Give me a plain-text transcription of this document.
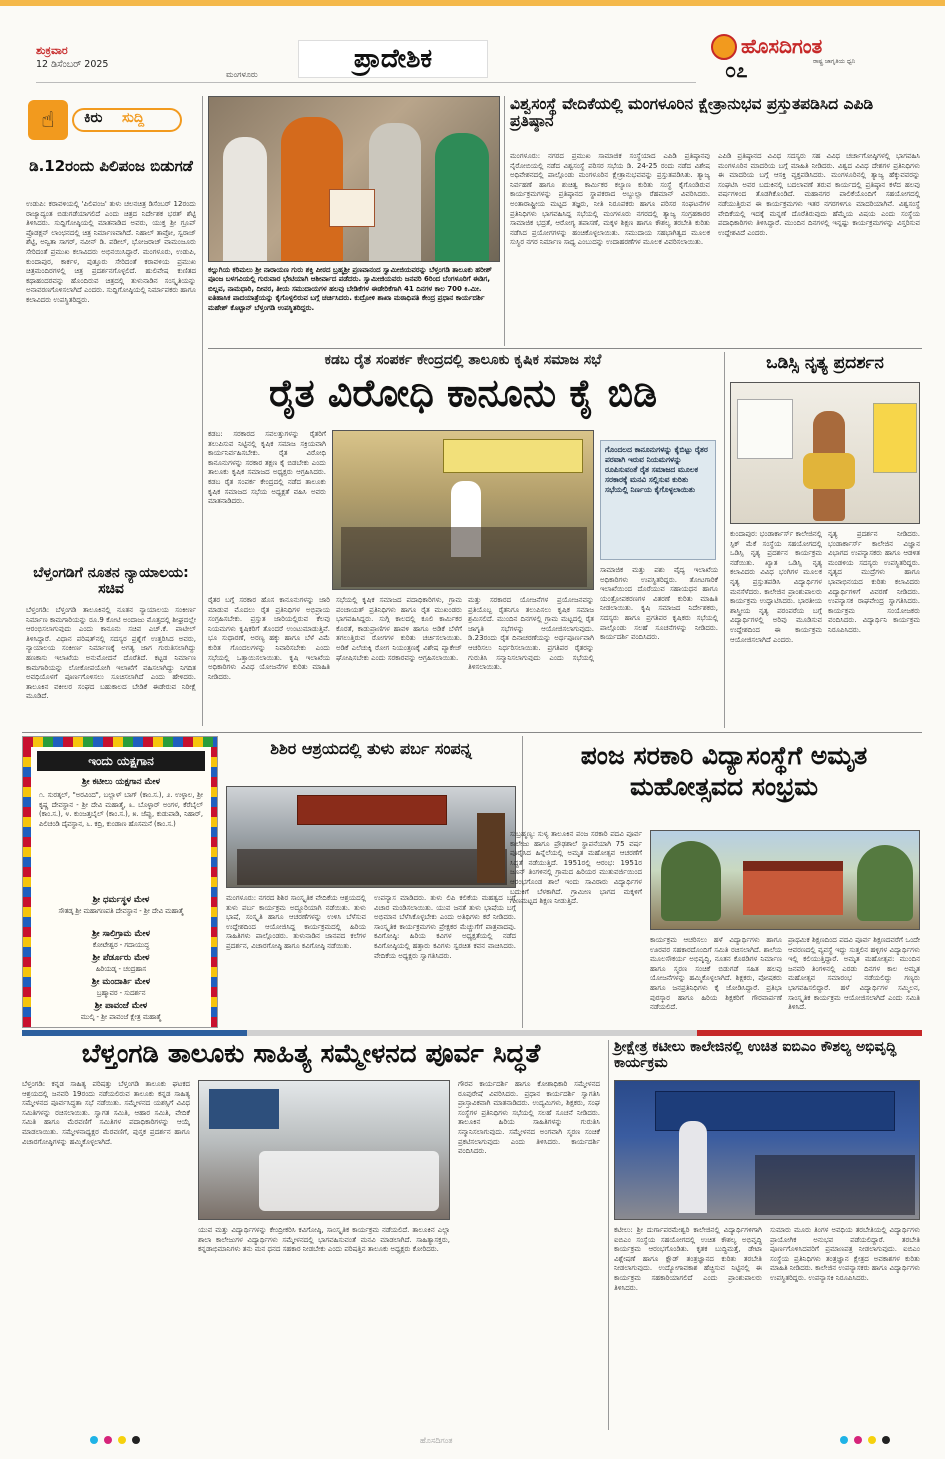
ಶುಕ್ರವಾರ
12 ಡಿಸೆಂಬರ್ 2025
ಮಂಗಳೂರು
ಪ್ರಾದೇಶಿಕ	ಹೊಸದಿಗಂತ
ರಾಷ್ಟ್ರ ಜಾಗೃತಿಯ ಧ್ವನಿ
೦೭
☝	ಕಿರು ಸುದ್ದಿ
ಡಿ.12ರಂದು ಪಿಲಿಪಂಜ ಬಿಡುಗಡೆ
ಉಡುಪಿ: ಕರಾವಳಿಯಲ್ಲಿ 'ಪಿಲಿಪಂಜ' ತುಳು ಚಲನಚಿತ್ರ ಡಿಸೆಂಬರ್ 12ರಂದು ರಾಜ್ಯಾದ್ಯಂತ ಬಿಡುಗಡೆಯಾಗಲಿದೆ ಎಂದು ಚಿತ್ರದ ನಿರ್ದೇಶಕ ಭರತ್ ಶೆಟ್ಟಿ ತಿಳಿಸಿದರು. ಸುದ್ದಿಗೋಷ್ಠಿಯಲ್ಲಿ ಮಾತನಾಡಿದ ಅವರು, ಯುಕ್ತ ಶ್ರೀ ಗ್ರೂಪ್ ಪ್ರೊಡಕ್ಷನ್ ಲಾಂಛನದಲ್ಲಿ ಚಿತ್ರ ನಿರ್ಮಾಣವಾಗಿದೆ. ನಿಹಾಲ್ ತಾವ್ರೋ, ಸ್ವರಾಜ್ ಶೆಟ್ಟಿ, ಅನ್ವಿತಾ ಸಾಗರ್, ನವೀನ್ ಡಿ. ಪಡೀಲ್, ಭೋಜರಾಜ್ ವಾಮಂಜೂರು ಸೇರಿದಂತೆ ಪ್ರಮುಖ ಕಲಾವಿದರು ಅಭಿನಯಿಸಿದ್ದಾರೆ. ಮಂಗಳೂರು, ಉಡುಪಿ, ಕುಂದಾಪುರ, ಕಾರ್ಕಳ, ಪುತ್ತೂರು ಸೇರಿದಂತೆ ಕರಾವಳಿಯ ಪ್ರಮುಖ ಚಿತ್ರಮಂದಿರಗಳಲ್ಲಿ ಚಿತ್ರ ಪ್ರದರ್ಶನಗೊಳ್ಳಲಿದೆ. ಹುಲಿವೇಷ ಕುಣಿತದ ಕಥಾಹಂದರವನ್ನು ಹೊಂದಿರುವ ಚಿತ್ರದಲ್ಲಿ ತುಳುನಾಡಿನ ಸಂಸ್ಕೃತಿಯನ್ನು ಅನಾವರಣಗೊಳಿಸಲಾಗಿದೆ ಎಂದರು. ಸುದ್ದಿಗೋಷ್ಠಿಯಲ್ಲಿ ನಿರ್ಮಾಪಕರು ಹಾಗೂ ಕಲಾವಿದರು ಉಪಸ್ಥಿತರಿದ್ದರು.
ಬೆಳ್ತಂಗಡಿಗೆ ನೂತನ ನ್ಯಾಯಾಲಯ: ಸಚಿವ
ಬೆಳ್ತಂಗಡಿ: ಬೆಳ್ತಂಗಡಿ ತಾಲೂಕಿನಲ್ಲಿ ನೂತನ ನ್ಯಾಯಾಲಯ ಸಂಕೀರ್ಣ ನಿರ್ಮಾಣ ಕಾಮಗಾರಿಯನ್ನು ರೂ.9 ಕೋಟಿ ಅಂದಾಜು ಮೊತ್ತದಲ್ಲಿ ಶೀಘ್ರದಲ್ಲೇ ಆರಂಭಿಸಲಾಗುವುದು ಎಂದು ಕಾನೂನು ಸಚಿವ ಎಚ್.ಕೆ. ಪಾಟೀಲ್ ತಿಳಿಸಿದ್ದಾರೆ. ವಿಧಾನ ಪರಿಷತ್‌ನಲ್ಲಿ ಸದಸ್ಯರ ಪ್ರಶ್ನೆಗೆ ಉತ್ತರಿಸಿದ ಅವರು, ನ್ಯಾಯಾಲಯ ಸಂಕೀರ್ಣ ನಿರ್ಮಾಣಕ್ಕೆ ಅಗತ್ಯ ಜಾಗ ಗುರುತಿಸಲಾಗಿದ್ದು ಹಣಕಾಸು ಇಲಾಖೆಯ ಅನುಮೋದನೆ ದೊರೆತಿದೆ. ಕಟ್ಟಡ ನಿರ್ಮಾಣ ಕಾಮಗಾರಿಯನ್ನು ಲೋಕೋಪಯೋಗಿ ಇಲಾಖೆಗೆ ವಹಿಸಲಾಗಿದ್ದು ನಿಗದಿತ ಅವಧಿಯೊಳಗೆ ಪೂರ್ಣಗೊಳಿಸಲು ಸೂಚಿಸಲಾಗಿದೆ ಎಂದು ಹೇಳಿದರು. ತಾಲೂಕಿನ ವಕೀಲರ ಸಂಘದ ಬಹುಕಾಲದ ಬೇಡಿಕೆ ಈಡೇರುವ ನಿರೀಕ್ಷೆ ಮೂಡಿದೆ.
ಕಲ್ಲುಗಿಯ ಕರಿಮಲು ಶ್ರೀ ನಾರಾಯಣ ಗುರು ಶಕ್ತಿ ಪೀಠದ ಬ್ರಹ್ಮಶ್ರೀ ಪ್ರಣವಾನಂದ ಸ್ವಾಮೀಜಿಯವರನ್ನು ಬೆಳ್ತಂಗಡಿ ತಾಲೂಕು ಹರೀಶ್ ಪೂಂಜ ಬಳಗವಿಯಲ್ಲಿ ಗುರುವಾರ ಭೇಟಿಯಾಗಿ ಆಶೀರ್ವಾದ ಪಡೆದರು. ಸ್ವಾಮೀಜಿಯವರು ಜನವರಿ 6ರಿಂದ ಬೆಂಗಳೂರಿಗೆ ಈಡಿಗ, ಬಿಲ್ಲವ, ನಾಮಧಾರಿ, ದೀವರ, ತೀಯ ಸಮುದಾಯಗಳ ಹಲವು ಬೇಡಿಕೆಗಳ ಈಡೇರಿಕೆಗಾಗಿ 41 ದಿನಗಳ ಕಾಲ 700 ಕಿ.ಮೀ. ಐತಿಹಾಸಿಕ ಪಾದಯಾತ್ರೆಯನ್ನು ಕೈಗೊಳ್ಳಲಿರುವ ಬಗ್ಗೆ ಚರ್ಚಿಸಿದರು. ಕುದ್ರೋಳಿ ಶಾಖಾ ಮಠಾಧಿಪತಿ ಕೇಂದ್ರ ಪ್ರಧಾನ ಕಾರ್ಯದರ್ಶಿ ಮಹೇಶ್ ಕೊಟ್ಟಾನ್ ಬೆಳ್ತಂಗಡಿ ಉಪಸ್ಥಿತರಿದ್ದರು.
ವಿಶ್ವಸಂಸ್ಥೆ ವೇದಿಕೆಯಲ್ಲಿ ಮಂಗಳೂರಿನ ಕ್ಷೇತ್ರಾನುಭವ ಪ್ರಸ್ತುತಪಡಿಸಿದ ಎಪಿಡಿ ಪ್ರತಿಷ್ಠಾನ
ಮಂಗಳೂರು: ನಗರದ ಪ್ರಮುಖ ಸಾಮಾಜಿಕ ಸಂಸ್ಥೆಯಾದ ಎಪಿಡಿ ಪ್ರತಿಷ್ಠಾನವು ನೈರೋಬಿಯಲ್ಲಿ ನಡೆದ ವಿಶ್ವಸಂಸ್ಥೆ ಪರಿಸರ ಸಭೆಯ ಡಿ. 24-25 ರಂದು ನಡೆದ ವಿಶೇಷ ಅಧಿವೇಶನದಲ್ಲಿ ಪಾಲ್ಗೊಂಡು ಮಂಗಳೂರಿನ ಕ್ಷೇತ್ರಾನುಭವವನ್ನು ಪ್ರಸ್ತುತಪಡಿಸಿತು. ತ್ಯಾಜ್ಯ ನಿರ್ವಹಣೆ ಹಾಗೂ ಶುಚಿತ್ವ ಕಾರ್ಮಿಕರ ಕಲ್ಯಾಣ ಕುರಿತು ಸಂಸ್ಥೆ ಕೈಗೊಂಡಿರುವ ಕಾರ್ಯಕ್ರಮಗಳನ್ನು ಪ್ರತಿಷ್ಠಾನದ ಸ್ಥಾಪಕರಾದ ಅಬ್ದುಲ್ಲಾ ರೆಹಮಾನ್ ವಿವರಿಸಿದರು. ಅಂತಾರಾಷ್ಟ್ರೀಯ ಮಟ್ಟದ ತಜ್ಞರು, ನೀತಿ ನಿರೂಪಕರು ಹಾಗೂ ಪರಿಸರ ಸಂಘಟನೆಗಳ ಪ್ರತಿನಿಧಿಗಳು ಭಾಗವಹಿಸಿದ್ದ ಸಭೆಯಲ್ಲಿ ಮಂಗಳೂರು ನಗರದಲ್ಲಿ ತ್ಯಾಜ್ಯ ಸಂಗ್ರಹಕಾರರ ಸಾಮಾಜಿಕ ಭದ್ರತೆ, ಆರೋಗ್ಯ ತಪಾಸಣೆ, ಮಕ್ಕಳ ಶಿಕ್ಷಣ ಹಾಗೂ ಕೌಶಲ್ಯ ತರಬೇತಿ ಕುರಿತು ನಡೆಸಿದ ಪ್ರಯೋಗಗಳನ್ನು ಹಂಚಿಕೊಳ್ಳಲಾಯಿತು. ಸಮುದಾಯ ಸಹಭಾಗಿತ್ವದ ಮೂಲಕ ಸುಸ್ಥಿರ ನಗರ ನಿರ್ಮಾಣ ಸಾಧ್ಯ ಎಂಬುದನ್ನು ಉದಾಹರಣೆಗಳ ಮೂಲಕ ವಿವರಿಸಲಾಯಿತು.
ಎಪಿಡಿ ಪ್ರತಿಷ್ಠಾನದ ವಿವಿಧ ಸದಸ್ಯರು ಸಹ ವಿವಿಧ ಚರ್ಚಾಗೋಷ್ಠಿಗಳಲ್ಲಿ ಭಾಗವಹಿಸಿ ಮಂಗಳೂರಿನ ಮಾದರಿಯ ಬಗ್ಗೆ ಮಾಹಿತಿ ನೀಡಿದರು. ವಿಶ್ವದ ವಿವಿಧ ದೇಶಗಳ ಪ್ರತಿನಿಧಿಗಳು ಈ ಮಾದರಿಯ ಬಗ್ಗೆ ಆಸಕ್ತಿ ವ್ಯಕ್ತಪಡಿಸಿದರು. ಮಂಗಳೂರಿನಲ್ಲಿ ತ್ಯಾಜ್ಯ ಹೆಕ್ಕುವವರನ್ನು ಸಂಘಟಿಸಿ ಅವರ ಬದುಕಿನಲ್ಲಿ ಬದಲಾವಣೆ ತರುವ ಕಾರ್ಯದಲ್ಲಿ ಪ್ರತಿಷ್ಠಾನ ಕಳೆದ ಹಲವು ವರ್ಷಗಳಿಂದ ತೊಡಗಿಕೊಂಡಿದೆ. ಮಹಾನಗರ ಪಾಲಿಕೆಯೊಂದಿಗೆ ಸಹಯೋಗದಲ್ಲಿ ನಡೆಯುತ್ತಿರುವ ಈ ಕಾರ್ಯಕ್ರಮಗಳು ಇತರ ನಗರಗಳಿಗೂ ಮಾದರಿಯಾಗಿವೆ. ವಿಶ್ವಸಂಸ್ಥೆ ವೇದಿಕೆಯಲ್ಲಿ ಇದಕ್ಕೆ ಮನ್ನಣೆ ದೊರೆತಿರುವುದು ಹೆಮ್ಮೆಯ ವಿಷಯ ಎಂದು ಸಂಸ್ಥೆಯ ಪದಾಧಿಕಾರಿಗಳು ತಿಳಿಸಿದ್ದಾರೆ. ಮುಂದಿನ ದಿನಗಳಲ್ಲಿ ಇನ್ನಷ್ಟು ಕಾರ್ಯಕ್ರಮಗಳನ್ನು ವಿಸ್ತರಿಸುವ ಉದ್ದೇಶವಿದೆ ಎಂದರು.
ಕಡಬ ರೈತ ಸಂಪರ್ಕ ಕೇಂದ್ರದಲ್ಲಿ ತಾಲೂಕು ಕೃಷಿಕ ಸಮಾಜ ಸಭೆ
ರೈತ ವಿರೋಧಿ ಕಾನೂನು ಕೈ ಬಿಡಿ
ಕಡಬ: ಸರಕಾರದ ಸವಲತ್ತುಗಳನ್ನು ರೈತರಿಗೆ ತಲುಪಿಸುವ ನಿಟ್ಟಿನಲ್ಲಿ ಕೃಷಿಕ ಸಮಾಜ ಸಕ್ರಿಯವಾಗಿ ಕಾರ್ಯನಿರ್ವಹಿಸಬೇಕು. ರೈತ ವಿರೋಧಿ ಕಾನೂನುಗಳನ್ನು ಸರಕಾರ ತಕ್ಷಣ ಕೈ ಬಿಡಬೇಕು ಎಂದು ತಾಲೂಕು ಕೃಷಿಕ ಸಮಾಜದ ಅಧ್ಯಕ್ಷರು ಆಗ್ರಹಿಸಿದರು. ಕಡಬ ರೈತ ಸಂಪರ್ಕ ಕೇಂದ್ರದಲ್ಲಿ ನಡೆದ ತಾಲೂಕು ಕೃಷಿಕ ಸಮಾಜದ ಸಭೆಯ ಅಧ್ಯಕ್ಷತೆ ವಹಿಸಿ ಅವರು ಮಾತನಾಡಿದರು.
ಗೊಂದಲದ ಕಾನೂನುಗಳನ್ನು ಕೈಬಿಟ್ಟು ರೈತರ ಪರವಾಗಿ ಇರುವ ನಿಯಮಗಳನ್ನು ರೂಪಿಸುವಂತೆ ರೈತ ಸಮಾಜದ ಮೂಲಕ ಸರಕಾರಕ್ಕೆ ಮನವಿ ಸಲ್ಲಿಸುವ ಕುರಿತು ಸಭೆಯಲ್ಲಿ ನಿರ್ಣಯ ಕೈಗೊಳ್ಳಲಾಯಿತು
ರೈತರ ಬಗ್ಗೆ ಸರಕಾರ ಹೊಸ ಕಾನೂನುಗಳನ್ನು ಜಾರಿ ಮಾಡುವ ಮೊದಲು ರೈತ ಪ್ರತಿನಿಧಿಗಳ ಅಭಿಪ್ರಾಯ ಸಂಗ್ರಹಿಸಬೇಕು. ಪ್ರಸ್ತುತ ಜಾರಿಯಲ್ಲಿರುವ ಕೆಲವು ನಿಯಮಗಳು ಕೃಷಿಕರಿಗೆ ತೊಂದರೆ ಉಂಟುಮಾಡುತ್ತಿವೆ. ಭೂ ಸುಧಾರಣೆ, ಅರಣ್ಯ ಹಕ್ಕು ಹಾಗೂ ಬೆಳೆ ವಿಮೆ ಕುರಿತ ಗೊಂದಲಗಳನ್ನು ನಿವಾರಿಸಬೇಕು ಎಂದು ಸಭೆಯಲ್ಲಿ ಒತ್ತಾಯಿಸಲಾಯಿತು. ಕೃಷಿ ಇಲಾಖೆಯ ಅಧಿಕಾರಿಗಳು ವಿವಿಧ ಯೋಜನೆಗಳ ಕುರಿತು ಮಾಹಿತಿ ನೀಡಿದರು.
ಸಭೆಯಲ್ಲಿ ಕೃಷಿಕ ಸಮಾಜದ ಪದಾಧಿಕಾರಿಗಳು, ಗ್ರಾಮ ಪಂಚಾಯತ್ ಪ್ರತಿನಿಧಿಗಳು ಹಾಗೂ ರೈತ ಮುಖಂಡರು ಭಾಗವಹಿಸಿದ್ದರು. ಸುಗ್ಗಿ ಕಾಲದಲ್ಲಿ ಕೂಲಿ ಕಾರ್ಮಿಕರ ಕೊರತೆ, ಕಾಡುಪ್ರಾಣಿಗಳ ಹಾವಳಿ ಹಾಗೂ ಅಡಿಕೆ ಬೆಳೆಗೆ ತಗಲುತ್ತಿರುವ ರೋಗಗಳ ಕುರಿತು ಚರ್ಚಿಸಲಾಯಿತು. ಅಡಿಕೆ ಎಲೆಚುಕ್ಕಿ ರೋಗ ನಿಯಂತ್ರಣಕ್ಕೆ ವಿಶೇಷ ಪ್ಯಾಕೇಜ್ ಘೋಷಿಸಬೇಕು ಎಂದು ಸರಕಾರವನ್ನು ಆಗ್ರಹಿಸಲಾಯಿತು.
ಮತ್ತು ಸರಕಾರದ ಯೋಜನೆಗಳ ಪ್ರಯೋಜನವನ್ನು ಪ್ರತಿಯೊಬ್ಬ ರೈತನಿಗೂ ತಲುಪಿಸಲು ಕೃಷಿಕ ಸಮಾಜ ಶ್ರಮಿಸಲಿದೆ. ಮುಂದಿನ ದಿನಗಳಲ್ಲಿ ಗ್ರಾಮ ಮಟ್ಟದಲ್ಲಿ ರೈತ ಜಾಗೃತಿ ಸಭೆಗಳನ್ನು ಆಯೋಜಿಸಲಾಗುವುದು. ಡಿ.23ರಂದು ರೈತ ದಿನಾಚರಣೆಯನ್ನು ಅರ್ಥಪೂರ್ಣವಾಗಿ ಆಚರಿಸಲು ನಿರ್ಧರಿಸಲಾಯಿತು. ಪ್ರಗತಿಪರ ರೈತರನ್ನು ಗುರುತಿಸಿ ಸನ್ಮಾನಿಸಲಾಗುವುದು ಎಂದು ಸಭೆಯಲ್ಲಿ ತಿಳಿಸಲಾಯಿತು.
ಸಾಮಾಜಿಕ ಮತ್ತು ಪಶು ವೈದ್ಯ ಇಲಾಖೆಯ ಅಧಿಕಾರಿಗಳು ಉಪಸ್ಥಿತರಿದ್ದರು. ತೋಟಗಾರಿಕೆ ಇಲಾಖೆಯಿಂದ ದೊರೆಯುವ ಸಹಾಯಧನ ಹಾಗೂ ಯಂತ್ರೋಪಕರಣಗಳ ವಿತರಣೆ ಕುರಿತು ಮಾಹಿತಿ ನೀಡಲಾಯಿತು. ಕೃಷಿ ಸಮಾಜದ ನಿರ್ದೇಶಕರು, ಸದಸ್ಯರು ಹಾಗೂ ಪ್ರಗತಿಪರ ಕೃಷಿಕರು ಸಭೆಯಲ್ಲಿ ಪಾಲ್ಗೊಂಡು ಸಲಹೆ ಸೂಚನೆಗಳನ್ನು ನೀಡಿದರು. ಕಾರ್ಯದರ್ಶಿ ವಂದಿಸಿದರು.
ಒಡಿಸ್ಸಿ ನೃತ್ಯ ಪ್ರದರ್ಶನ
ಕುಂದಾಪುರ: ಭಂಡಾರ್ಕಾರ್ಸ್ ಕಾಲೇಜಿನಲ್ಲಿ ಸ್ಪಿಕ್ ಮೆಕೆ ಸಂಸ್ಥೆಯ ಸಹಯೋಗದಲ್ಲಿ ಒಡಿಸ್ಸಿ ನೃತ್ಯ ಪ್ರದರ್ಶನ ಕಾರ್ಯಕ್ರಮ ನಡೆಯಿತು. ಖ್ಯಾತ ಒಡಿಸ್ಸಿ ನೃತ್ಯ ಕಲಾವಿದರು ವಿವಿಧ ಭಂಗಿಗಳ ಮೂಲಕ ನೃತ್ಯ ಪ್ರಸ್ತುತಪಡಿಸಿ ವಿದ್ಯಾರ್ಥಿಗಳ ಮನಸೆಳೆದರು. ಕಾಲೇಜಿನ ಪ್ರಾಂಶುಪಾಲರು ಕಾರ್ಯಕ್ರಮ ಉದ್ಘಾಟಿಸಿದರು. ಭಾರತೀಯ ಶಾಸ್ತ್ರೀಯ ನೃತ್ಯ ಪರಂಪರೆಯ ಬಗ್ಗೆ ವಿದ್ಯಾರ್ಥಿಗಳಲ್ಲಿ ಅರಿವು ಮೂಡಿಸುವ ಉದ್ದೇಶದಿಂದ ಈ ಕಾರ್ಯಕ್ರಮ ಆಯೋಜಿಸಲಾಗಿದೆ ಎಂದರು.
ನೃತ್ಯ ಪ್ರದರ್ಶನ ನೀಡಿದರು. ಭಂಡಾರ್ಕಾರ್ಸ್ ಕಾಲೇಜಿನ ವಿಜ್ಞಾನ ವಿಭಾಗದ ಉಪನ್ಯಾಸಕರು ಹಾಗೂ ಆಡಳಿತ ಮಂಡಳಿಯ ಸದಸ್ಯರು ಉಪಸ್ಥಿತರಿದ್ದರು. ನೃತ್ಯದ ಮುದ್ರೆಗಳು ಹಾಗೂ ಭಾವಾಭಿನಯದ ಕುರಿತು ಕಲಾವಿದರು ವಿದ್ಯಾರ್ಥಿಗಳಿಗೆ ವಿವರಣೆ ನೀಡಿದರು. ಉಪನ್ಯಾಸಕ ರಾಘವೇಂದ್ರ ಸ್ವಾಗತಿಸಿದರು. ಕಾರ್ಯಕ್ರಮ ಸಂಯೋಜಕರು ವಂದಿಸಿದರು. ವಿದ್ಯಾರ್ಥಿನಿ ಕಾರ್ಯಕ್ರಮ ನಿರೂಪಿಸಿದರು.
ಇಂದು ಯಕ್ಷಗಾನ
ಶ್ರೀ ಕಟೀಲು ಯಕ್ಷಗಾನ ಮೇಳ
೧. ಸುರತ್ಕಲ್, "ಅರವಿಂದ", ಬಲ್ಲಾಳ್ ಬಾಗ್ (ಕಾಂ.ಸ.), ೨. ಉಳ್ಳಾಲ, ಶ್ರೀ ಕೃಷ್ಣ ದೇವಸ್ಥಾನ - ಶ್ರೀ ದೇವಿ ಮಹಾತ್ಮೆ, ೩. ಬೊಳ್ಳಾರ್ ಅಂಗಳ, ಕೆರೆಬೈಲ್ (ಕಾಂ.ಸ.), ೪. ಕುಂಜತ್ತಬೈಲ್ (ಕಾಂ.ಸ.), ೫. ಜೆಪ್ಪು, ಕುಡುಪಾಡಿ, ನಿಹಾರ್, ಪಿಲಿಚಂಡಿ ದೈವಸ್ಥಾನ, ೬. ಕದ್ರಿ, ಕುಂಡಾಣ ಹೊಸಮನೆ (ಕಾಂ.ಸ.)
ಶ್ರೀ ಧರ್ಮಸ್ಥಳ ಮೇಳ
ಸೌತಡ್ಕ ಶ್ರೀ ಮಹಾಗಣಪತಿ ದೇವಸ್ಥಾನ - ಶ್ರೀ ದೇವಿ ಮಹಾತ್ಮೆ
ಶ್ರೀ ಸಾಲಿಗ್ರಾಮ ಮೇಳ
ಕೋಟೇಶ್ವರ - ಗದಾಯುದ್ಧ
ಶ್ರೀ ಪೆರ್ಡೂರು ಮೇಳ
ಹಿರಿಯಡ್ಕ - ಚಂದ್ರಹಾಸ
ಶ್ರೀ ಮಂದಾರ್ತಿ ಮೇಳ
ಬ್ರಹ್ಮಾವರ - ಸುದರ್ಶನ
ಶ್ರೀ ಪಾವಂಜೆ ಮೇಳ
ಮುಲ್ಕಿ - ಶ್ರೀ ಪಾವಂಜೆ ಕ್ಷೇತ್ರ ಮಹಾತ್ಮೆ
ಶಿಶಿರ ಆಶ್ರಯದಲ್ಲಿ ತುಳು ಪರ್ಬ ಸಂಪನ್ನ
ಮಂಗಳೂರು: ನಗರದ ಶಿಶಿರ ಸಾಂಸ್ಕೃತಿಕ ವೇದಿಕೆಯ ಆಶ್ರಯದಲ್ಲಿ ತುಳು ಪರ್ಬ ಕಾರ್ಯಕ್ರಮ ಅದ್ದೂರಿಯಾಗಿ ನಡೆಯಿತು. ತುಳು ಭಾಷೆ, ಸಂಸ್ಕೃತಿ ಹಾಗೂ ಆಚರಣೆಗಳನ್ನು ಉಳಿಸಿ ಬೆಳೆಸುವ ಉದ್ದೇಶದಿಂದ ಆಯೋಜಿಸಿದ್ದ ಕಾರ್ಯಕ್ರಮದಲ್ಲಿ ಹಿರಿಯ ಸಾಹಿತಿಗಳು ಪಾಲ್ಗೊಂಡರು. ತುಳುನಾಡಿನ ಜಾನಪದ ಕಲೆಗಳ ಪ್ರದರ್ಶನ, ವಿಚಾರಗೋಷ್ಠಿ ಹಾಗೂ ಕವಿಗೋಷ್ಠಿ ನಡೆಯಿತು.
ಉಪನ್ಯಾಸ ಮಾಡಿದರು. ತುಳು ಲಿಪಿ ಕಲಿಕೆಯ ಮಹತ್ವದ ಬಗ್ಗೆ ವಿಚಾರ ಮಂಡಿಸಲಾಯಿತು. ಯುವ ಜನತೆ ತುಳು ಭಾಷೆಯ ಬಗ್ಗೆ ಅಭಿಮಾನ ಬೆಳೆಸಿಕೊಳ್ಳಬೇಕು ಎಂದು ಅತಿಥಿಗಳು ಕರೆ ನೀಡಿದರು. ಸಾಂಸ್ಕೃತಿಕ ಕಾರ್ಯಕ್ರಮಗಳು ಪ್ರೇಕ್ಷಕರ ಮೆಚ್ಚುಗೆಗೆ ಪಾತ್ರವಾದವು. ಕವಿಗೋಷ್ಠಿ: ಹಿರಿಯ ಕವಿಗಳ ಅಧ್ಯಕ್ಷತೆಯಲ್ಲಿ ನಡೆದ ಕವಿಗೋಷ್ಠಿಯಲ್ಲಿ ಹತ್ತಾರು ಕವಿಗಳು ಸ್ವರಚಿತ ಕವನ ವಾಚಿಸಿದರು. ವೇದಿಕೆಯ ಅಧ್ಯಕ್ಷರು ಸ್ವಾಗತಿಸಿದರು.
ಪಂಜ ಸರಕಾರಿ ವಿದ್ಯಾಸಂಸ್ಥೆಗೆ ಅಮೃತ ಮಹೋತ್ಸವದ ಸಂಭ್ರಮ
ಸುಬ್ರಹ್ಮಣ್ಯ: ಸುಳ್ಯ ತಾಲೂಕಿನ ಪಂಜ ಸರಕಾರಿ ಪದವಿ ಪೂರ್ವ ಕಾಲೇಜು ಹಾಗೂ ಪ್ರೌಢಶಾಲೆ ಸ್ಥಾಪನೆಯಾಗಿ 75 ವರ್ಷ ಪೂರೈಸಿದ ಹಿನ್ನೆಲೆಯಲ್ಲಿ ಅಮೃತ ಮಹೋತ್ಸವ ಆಚರಣೆಗೆ ಸಿದ್ಧತೆ ನಡೆಯುತ್ತಿದೆ. 1951ರಲ್ಲಿ ಆರಂಭ: 1951ರ ಜೂನ್ ತಿಂಗಳಿನಲ್ಲಿ ಗ್ರಾಮದ ಹಿರಿಯರ ಮುತುವರ್ಜಿಯಿಂದ ಆರಂಭಗೊಂಡ ಶಾಲೆ ಇಂದು ಸಾವಿರಾರು ವಿದ್ಯಾರ್ಥಿಗಳ ಬದುಕಿಗೆ ಬೆಳಕಾಗಿದೆ. ಗ್ರಾಮೀಣ ಭಾಗದ ಮಕ್ಕಳಿಗೆ ಗುಣಮಟ್ಟದ ಶಿಕ್ಷಣ ನೀಡುತ್ತಿದೆ.
ಕಾರ್ಯಕ್ರಮ ಆಚರಿಸಲು ಹಳೆ ವಿದ್ಯಾರ್ಥಿಗಳು ಹಾಗೂ ಊರವರ ಸಹಕಾರದೊಂದಿಗೆ ಸಮಿತಿ ರಚಿಸಲಾಗಿದೆ. ಶಾಲೆಯ ಮೂಲಸೌಕರ್ಯ ಅಭಿವೃದ್ಧಿ, ನೂತನ ಕೊಠಡಿಗಳ ನಿರ್ಮಾಣ ಹಾಗೂ ಸ್ಮರಣ ಸಂಚಿಕೆ ಬಿಡುಗಡೆ ಸಹಿತ ಹಲವು ಯೋಜನೆಗಳನ್ನು ಹಮ್ಮಿಕೊಳ್ಳಲಾಗಿದೆ. ಶಿಕ್ಷಕರು, ಪೋಷಕರು ಹಾಗೂ ಜನಪ್ರತಿನಿಧಿಗಳು ಕೈ ಜೋಡಿಸಿದ್ದಾರೆ. ಪ್ರತಿಭಾ ಪುರಸ್ಕಾರ ಹಾಗೂ ಹಿರಿಯ ಶಿಕ್ಷಕರಿಗೆ ಗೌರವಾರ್ಪಣೆ ನಡೆಯಲಿದೆ.
ಪ್ರಾಥಮಿಕ ಶಿಕ್ಷಣದಿಂದ ಪದವಿ ಪೂರ್ವ ಶಿಕ್ಷಣದವರೆಗೆ ಒಂದೇ ಆವರಣದಲ್ಲಿ ವ್ಯವಸ್ಥೆ ಇದ್ದು ಸುತ್ತಲಿನ ಹಳ್ಳಿಗಳ ವಿದ್ಯಾರ್ಥಿಗಳು ಇಲ್ಲಿ ಕಲಿಯುತ್ತಿದ್ದಾರೆ. ಅಮೃತ ಮಹೋತ್ಸವ: ಮುಂದಿನ ಜನವರಿ ತಿಂಗಳಿನಲ್ಲಿ ಎರಡು ದಿನಗಳ ಕಾಲ ಅಮೃತ ಮಹೋತ್ಸವ ಸಮಾರಂಭ ನಡೆಯಲಿದ್ದು ಗಣ್ಯರು ಭಾಗವಹಿಸಲಿದ್ದಾರೆ. ಹಳೆ ವಿದ್ಯಾರ್ಥಿಗಳ ಸಮ್ಮಿಲನ, ಸಾಂಸ್ಕೃತಿಕ ಕಾರ್ಯಕ್ರಮ ಆಯೋಜಿಸಲಾಗಿದೆ ಎಂದು ಸಮಿತಿ ತಿಳಿಸಿದೆ.
ಬೆಳ್ತಂಗಡಿ ತಾಲೂಕು ಸಾಹಿತ್ಯ ಸಮ್ಮೇಳನದ ಪೂರ್ವ ಸಿದ್ಧತೆ
ಬೆಳ್ತಂಗಡಿ: ಕನ್ನಡ ಸಾಹಿತ್ಯ ಪರಿಷತ್ತು ಬೆಳ್ತಂಗಡಿ ತಾಲೂಕು ಘಟಕದ ಆಶ್ರಯದಲ್ಲಿ ಜನವರಿ 19ರಂದು ನಡೆಯಲಿರುವ ತಾಲೂಕು ಕನ್ನಡ ಸಾಹಿತ್ಯ ಸಮ್ಮೇಳನದ ಪೂರ್ವಸಿದ್ಧತಾ ಸಭೆ ನಡೆಯಿತು. ಸಮ್ಮೇಳನದ ಯಶಸ್ಸಿಗೆ ವಿವಿಧ ಸಮಿತಿಗಳನ್ನು ರಚಿಸಲಾಯಿತು. ಸ್ವಾಗತ ಸಮಿತಿ, ಆಹಾರ ಸಮಿತಿ, ವೇದಿಕೆ ಸಮಿತಿ ಹಾಗೂ ಮೆರವಣಿಗೆ ಸಮಿತಿಗಳ ಪದಾಧಿಕಾರಿಗಳನ್ನು ಆಯ್ಕೆ ಮಾಡಲಾಯಿತು. ಸಮ್ಮೇಳನಾಧ್ಯಕ್ಷರ ಮೆರವಣಿಗೆ, ಪುಸ್ತಕ ಪ್ರದರ್ಶನ ಹಾಗೂ ವಿಚಾರಗೋಷ್ಠಿಗಳನ್ನು ಹಮ್ಮಿಕೊಳ್ಳಲಾಗಿದೆ.
ಯುವ ಮತ್ತು ವಿದ್ಯಾರ್ಥಿಗಳನ್ನು ಕೇಂದ್ರೀಕರಿಸಿ ಕವಿಗೋಷ್ಠಿ, ಸಾಂಸ್ಕೃತಿಕ ಕಾರ್ಯಕ್ರಮ ನಡೆಯಲಿದೆ. ತಾಲೂಕಿನ ಎಲ್ಲಾ ಶಾಲಾ ಕಾಲೇಜುಗಳ ವಿದ್ಯಾರ್ಥಿಗಳು ಸಮ್ಮೇಳನದಲ್ಲಿ ಭಾಗವಹಿಸುವಂತೆ ಮನವಿ ಮಾಡಲಾಗಿದೆ. ಸಾಹಿತ್ಯಾಸಕ್ತರು, ಕನ್ನಡಾಭಿಮಾನಿಗಳು ತನು ಮನ ಧನದ ಸಹಕಾರ ನೀಡಬೇಕು ಎಂದು ಪರಿಷತ್ತಿನ ತಾಲೂಕು ಅಧ್ಯಕ್ಷರು ಕೋರಿದರು.
ಗೌರವ ಕಾರ್ಯದರ್ಶಿ ಹಾಗೂ ಕೋಶಾಧಿಕಾರಿ ಸಮ್ಮೇಳನದ ರೂಪುರೇಷೆ ವಿವರಿಸಿದರು. ಪ್ರಧಾನ ಕಾರ್ಯದರ್ಶಿ ಸ್ವಾಗತಿಸಿ ಪ್ರಾಸ್ತಾವಿಕವಾಗಿ ಮಾತನಾಡಿದರು. ಉದ್ಯಮಿಗಳು, ಶಿಕ್ಷಕರು, ಸಂಘ ಸಂಸ್ಥೆಗಳ ಪ್ರತಿನಿಧಿಗಳು ಸಭೆಯಲ್ಲಿ ಸಲಹೆ ಸೂಚನೆ ನೀಡಿದರು. ತಾಲೂಕಿನ ಹಿರಿಯ ಸಾಹಿತಿಗಳನ್ನು ಗುರುತಿಸಿ ಸನ್ಮಾನಿಸಲಾಗುವುದು. ಸಮ್ಮೇಳನದ ಅಂಗವಾಗಿ ಸ್ಮರಣ ಸಂಚಿಕೆ ಪ್ರಕಟಿಸಲಾಗುವುದು ಎಂದು ತಿಳಿಸಿದರು. ಕಾರ್ಯದರ್ಶಿ ವಂದಿಸಿದರು.
ಶ್ರೀಕ್ಷೇತ್ರ ಕಟೀಲು ಕಾಲೇಜಿನಲ್ಲಿ ಉಚಿತ ಐಬಿಎಂ ಕೌಶಲ್ಯ ಅಭಿವೃದ್ಧಿ ಕಾರ್ಯಕ್ರಮ
ಕಟೀಲು: ಶ್ರೀ ದುರ್ಗಾಪರಮೇಶ್ವರಿ ಕಾಲೇಜಿನಲ್ಲಿ ವಿದ್ಯಾರ್ಥಿಗಳಿಗಾಗಿ ಐಬಿಎಂ ಸಂಸ್ಥೆಯ ಸಹಯೋಗದಲ್ಲಿ ಉಚಿತ ಕೌಶಲ್ಯ ಅಭಿವೃದ್ಧಿ ಕಾರ್ಯಕ್ರಮ ಆರಂಭಗೊಂಡಿತು. ಕೃತಕ ಬುದ್ಧಿಮತ್ತೆ, ಡೇಟಾ ವಿಶ್ಲೇಷಣೆ ಹಾಗೂ ಕ್ಲೌಡ್ ತಂತ್ರಜ್ಞಾನದ ಕುರಿತು ತರಬೇತಿ ನೀಡಲಾಗುವುದು. ಉದ್ಯೋಗಾವಕಾಶ ಹೆಚ್ಚಿಸುವ ನಿಟ್ಟಿನಲ್ಲಿ ಈ ಕಾರ್ಯಕ್ರಮ ಸಹಕಾರಿಯಾಗಲಿದೆ ಎಂದು ಪ್ರಾಂಶುಪಾಲರು ತಿಳಿಸಿದರು.
ಸುಮಾರು ಮೂರು ತಿಂಗಳ ಅವಧಿಯ ತರಬೇತಿಯಲ್ಲಿ ವಿದ್ಯಾರ್ಥಿಗಳು ಪ್ರಾಯೋಗಿಕ ಅನುಭವ ಪಡೆಯಲಿದ್ದಾರೆ. ತರಬೇತಿ ಪೂರ್ಣಗೊಳಿಸಿದವರಿಗೆ ಪ್ರಮಾಣಪತ್ರ ನೀಡಲಾಗುವುದು. ಐಬಿಎಂ ಸಂಸ್ಥೆಯ ಪ್ರತಿನಿಧಿಗಳು ತಂತ್ರಜ್ಞಾನ ಕ್ಷೇತ್ರದ ಅವಕಾಶಗಳ ಕುರಿತು ಮಾಹಿತಿ ನೀಡಿದರು. ಕಾಲೇಜಿನ ಉಪನ್ಯಾಸಕರು ಹಾಗೂ ವಿದ್ಯಾರ್ಥಿಗಳು ಉಪಸ್ಥಿತರಿದ್ದರು. ಉಪನ್ಯಾಸಕಿ ನಿರೂಪಿಸಿದರು.
ಹೊಸದಿಗಂತ
